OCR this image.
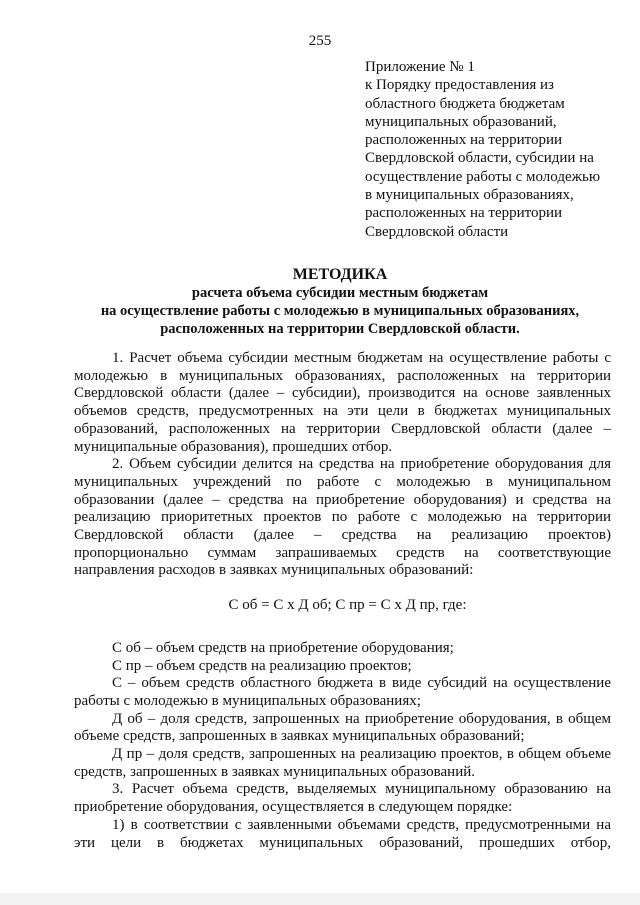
255
Приложение № 1
к Порядку предоставления из
областного бюджета бюджетам
муниципальных образований,
расположенных на территории
Свердловской области, субсидии на
осуществление работы с молодежью
в муниципальных образованиях,
расположенных на территории
Свердловской области
МЕТОДИКА
расчета объема субсидии местным бюджетам
на осуществление работы с молодежью в муниципальных образованиях,
расположенных на территории Свердловской области.

1. Расчет объема субсидии местным бюджетам на осуществление работы с молодежью в муниципальных образованиях, расположенных на территории Свердловской области (далее – субсидии), производится на основе заявленных объемов средств, предусмотренных на эти цели в бюджетах муниципальных образований, расположенных на территории Свердловской области (далее – муниципальные образования), прошедших отбор.

2. Объем субсидии делится на средства на приобретение оборудования для муниципальных учреждений по работе с молодежью в муниципальном образовании (далее – средства на приобретение оборудования) и средства на реализацию приоритетных проектов по работе с молодежью на территории Свердловской области (далее – средства на реализацию проектов) пропорционально суммам запрашиваемых средств на соответствующие направления расходов в заявках муниципальных образований:

С об = С х Д об; С пр = С х Д пр, где:

С об – объем средств на приобретение оборудования;

С пр – объем средств на реализацию проектов;

С – объем средств областного бюджета в виде субсидий на осуществление работы с молодежью в муниципальных образованиях;

Д об – доля средств, запрошенных на приобретение оборудования, в общем объеме средств, запрошенных в заявках муниципальных образований;

Д пр – доля средств, запрошенных на реализацию проектов, в общем объеме средств, запрошенных в заявках муниципальных образований.

3. Расчет объема средств, выделяемых муниципальному образованию на приобретение оборудования, осуществляется в следующем порядке:

1) в соответствии с заявленными объемами средств, предусмотренными на эти цели в бюджетах муниципальных образований, прошедших отбор,
